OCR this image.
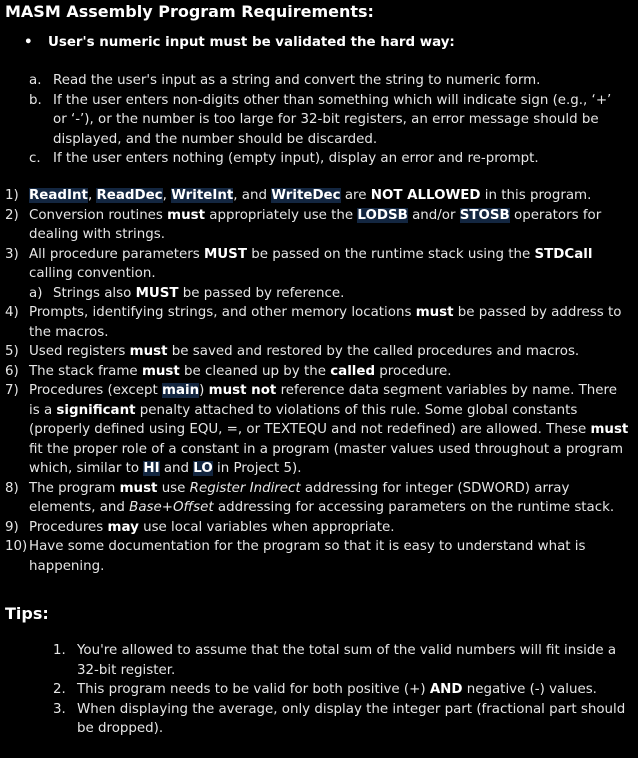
MASM Assembly Program Requirements:
• User's numeric input must be validated the hard way:
a. Read the user's input as a string and convert the string to numeric form.
b. If the user enters non-digits other than something which will indicate sign (e.g., ‘+’ or ‘-’), or the number is too large for 32-bit registers, an error message should be displayed, and the number should be discarded.
c. If the user enters nothing (empty input), display an error and re-prompt.
1) ReadInt, ReadDec, WriteInt, and WriteDec are NOT ALLOWED in this program.
2) Conversion routines must appropriately use the LODSB and/or STOSB operators for dealing with strings.
3) All procedure parameters MUST be passed on the runtime stack using the STDCall calling convention.
a) Strings also MUST be passed by reference.
4) Prompts, identifying strings, and other memory locations must be passed by address to the macros.
5) Used registers must be saved and restored by the called procedures and macros.
6) The stack frame must be cleaned up by the called procedure.
7) Procedures (except main) must not reference data segment variables by name. There is a significant penalty attached to violations of this rule. Some global constants (properly defined using EQU, =, or TEXTEQU and not redefined) are allowed. These must fit the proper role of a constant in a program (master values used throughout a program which, similar to HI and LO in Project 5).
8) The program must use Register Indirect addressing for integer (SDWORD) array elements, and Base+Offset addressing for accessing parameters on the runtime stack.
9) Procedures may use local variables when appropriate.
10) Have some documentation for the program so that it is easy to understand what is happening.
Tips:
1. You're allowed to assume that the total sum of the valid numbers will fit inside a 32-bit register.
2. This program needs to be valid for both positive (+) AND negative (-) values.
3. When displaying the average, only display the integer part (fractional part should be dropped).
